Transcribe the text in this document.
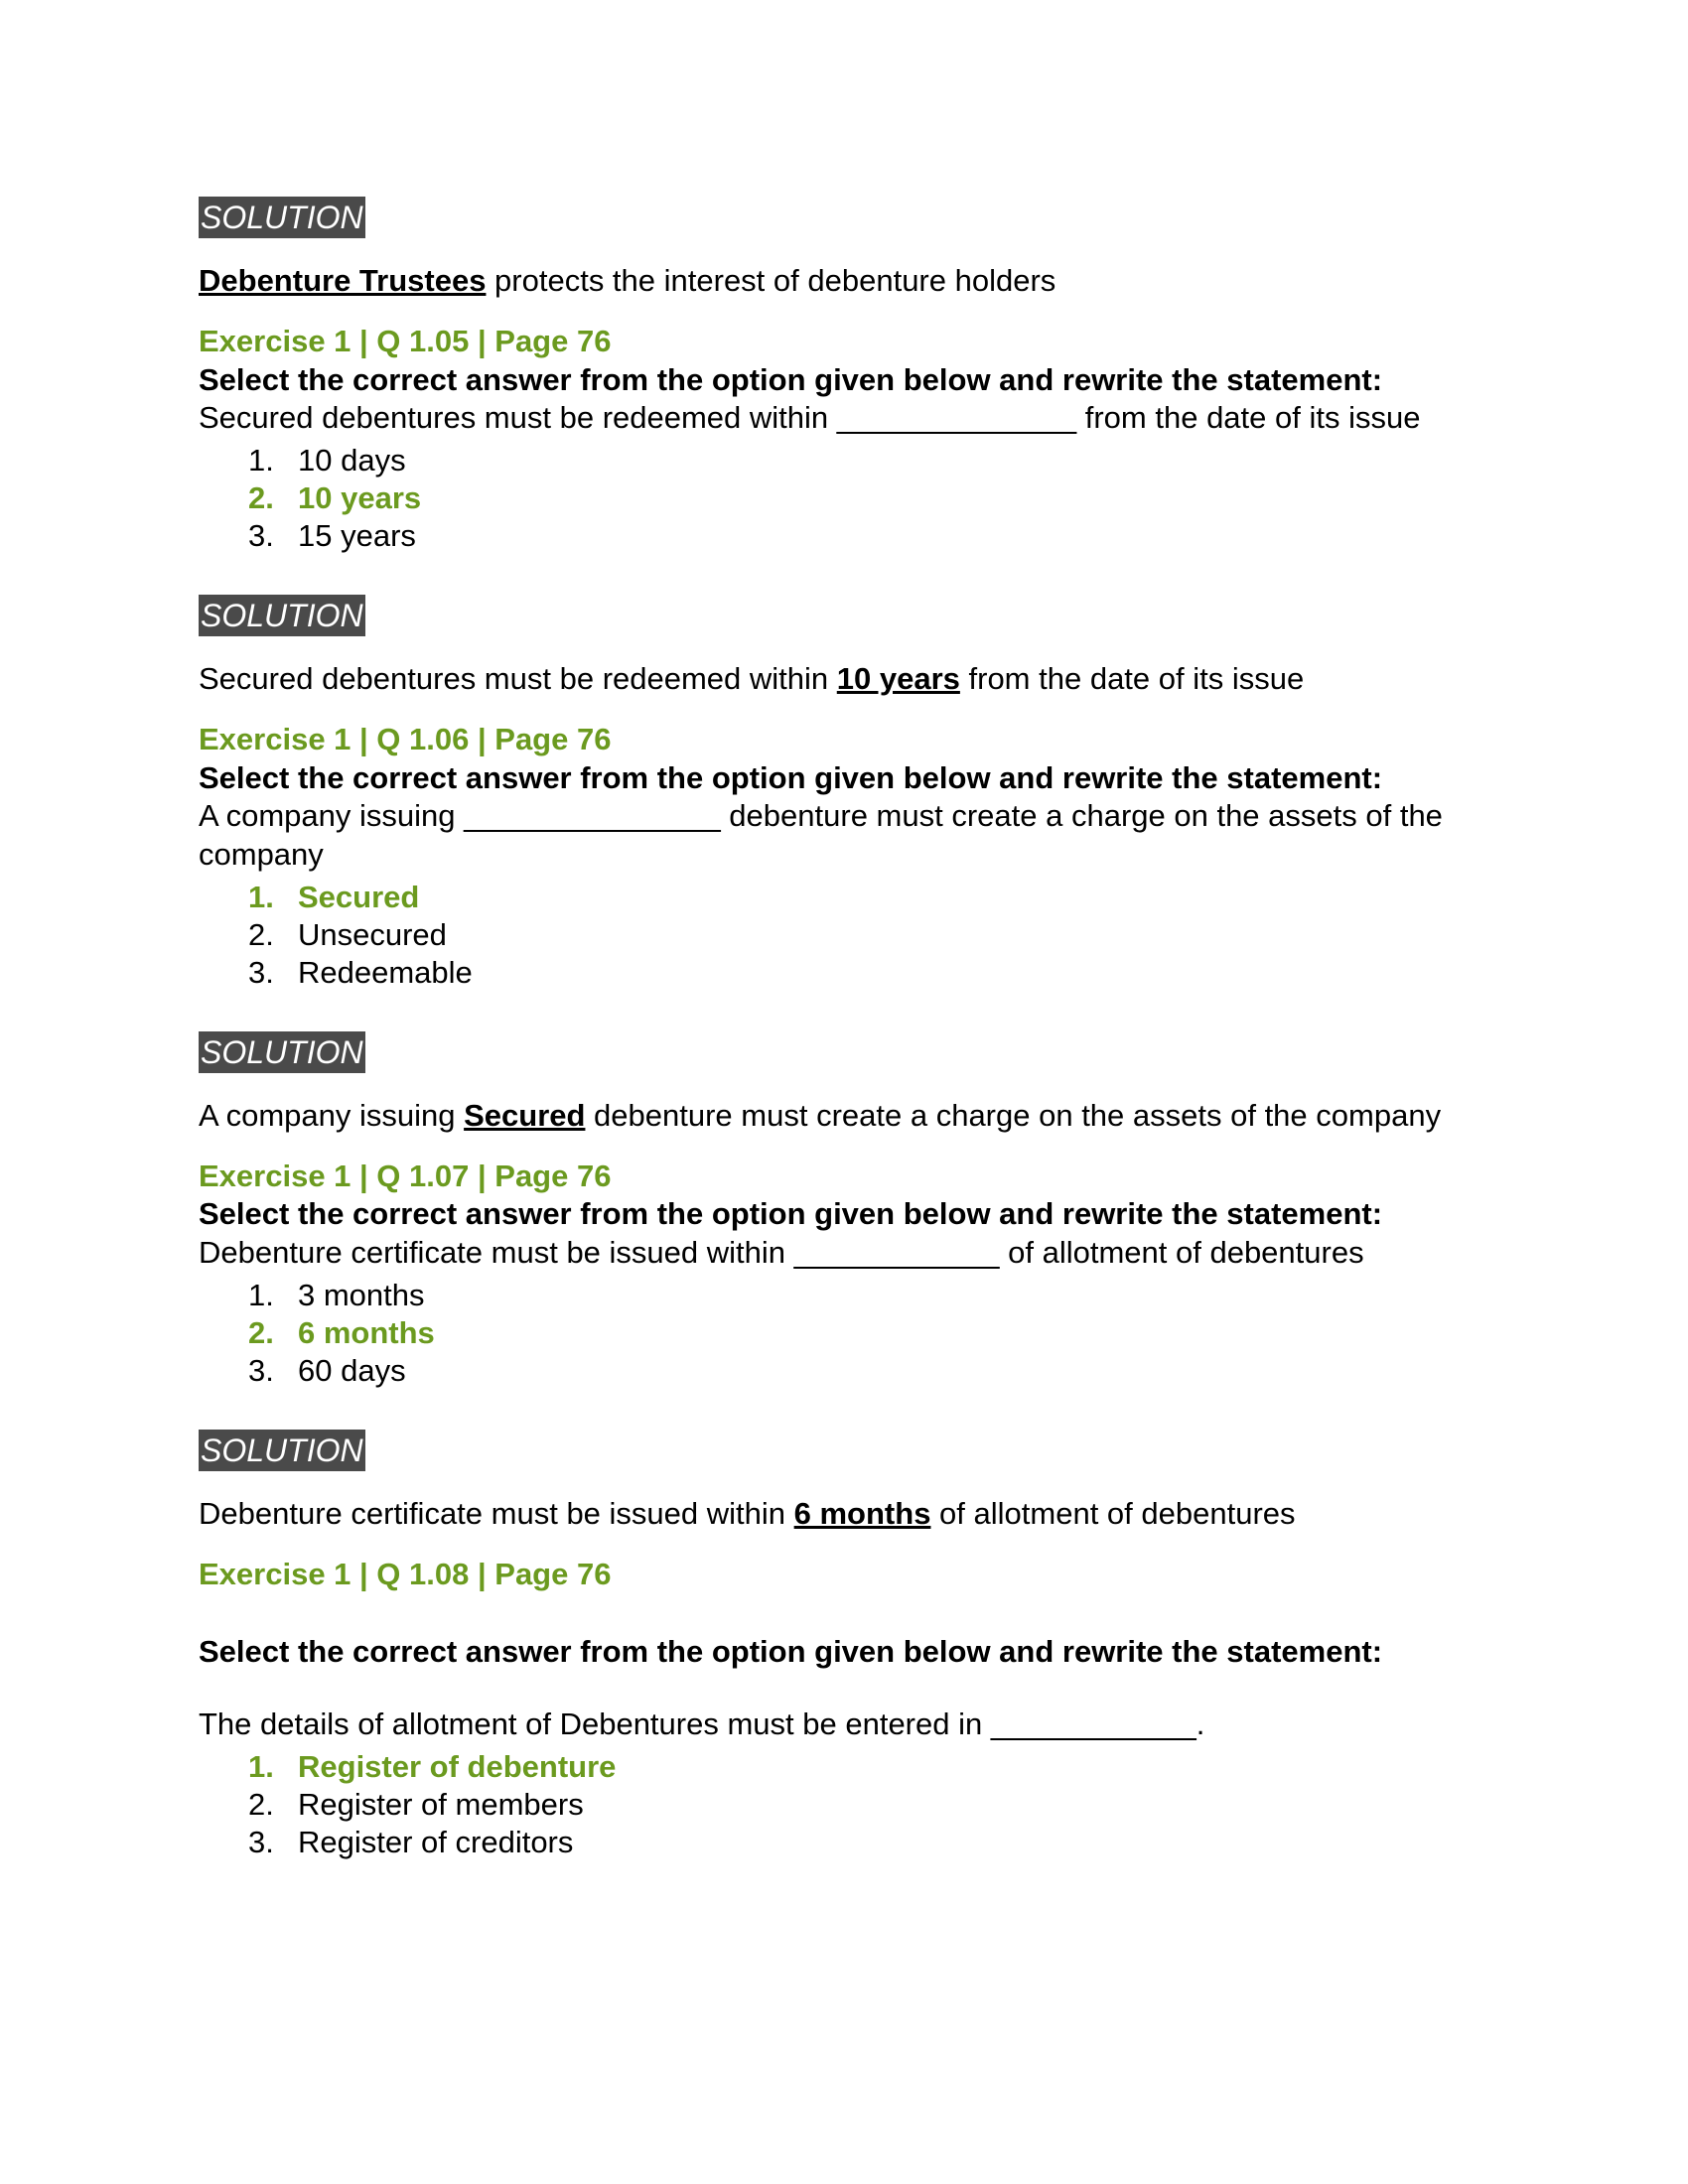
SOLUTION

Debenture Trustees protects the interest of debenture holders

Exercise 1 | Q 1.05 | Page 76

Select the correct answer from the option given below and rewrite the statement:

Secured debentures must be redeemed within ______________ from the date of its issue

1. 10 days
2. 10 years
3. 15 years
SOLUTION

Secured debentures must be redeemed within 10 years from the date of its issue

Exercise 1 | Q 1.06 | Page 76

Select the correct answer from the option given below and rewrite the statement:

A company issuing _______________ debenture must create a charge on the assets of the company

1. Secured
2. Unsecured
3. Redeemable
SOLUTION

A company issuing Secured debenture must create a charge on the assets of the company

Exercise 1 | Q 1.07 | Page 76

Select the correct answer from the option given below and rewrite the statement:

Debenture certificate must be issued within ____________ of allotment of debentures

1. 3 months
2. 6 months
3. 60 days
SOLUTION

Debenture certificate must be issued within 6 months of allotment of debentures

Exercise 1 | Q 1.08 | Page 76

Select the correct answer from the option given below and rewrite the statement:

The details of allotment of Debentures must be entered in ____________.

1. Register of debenture
2. Register of members
3. Register of creditors
